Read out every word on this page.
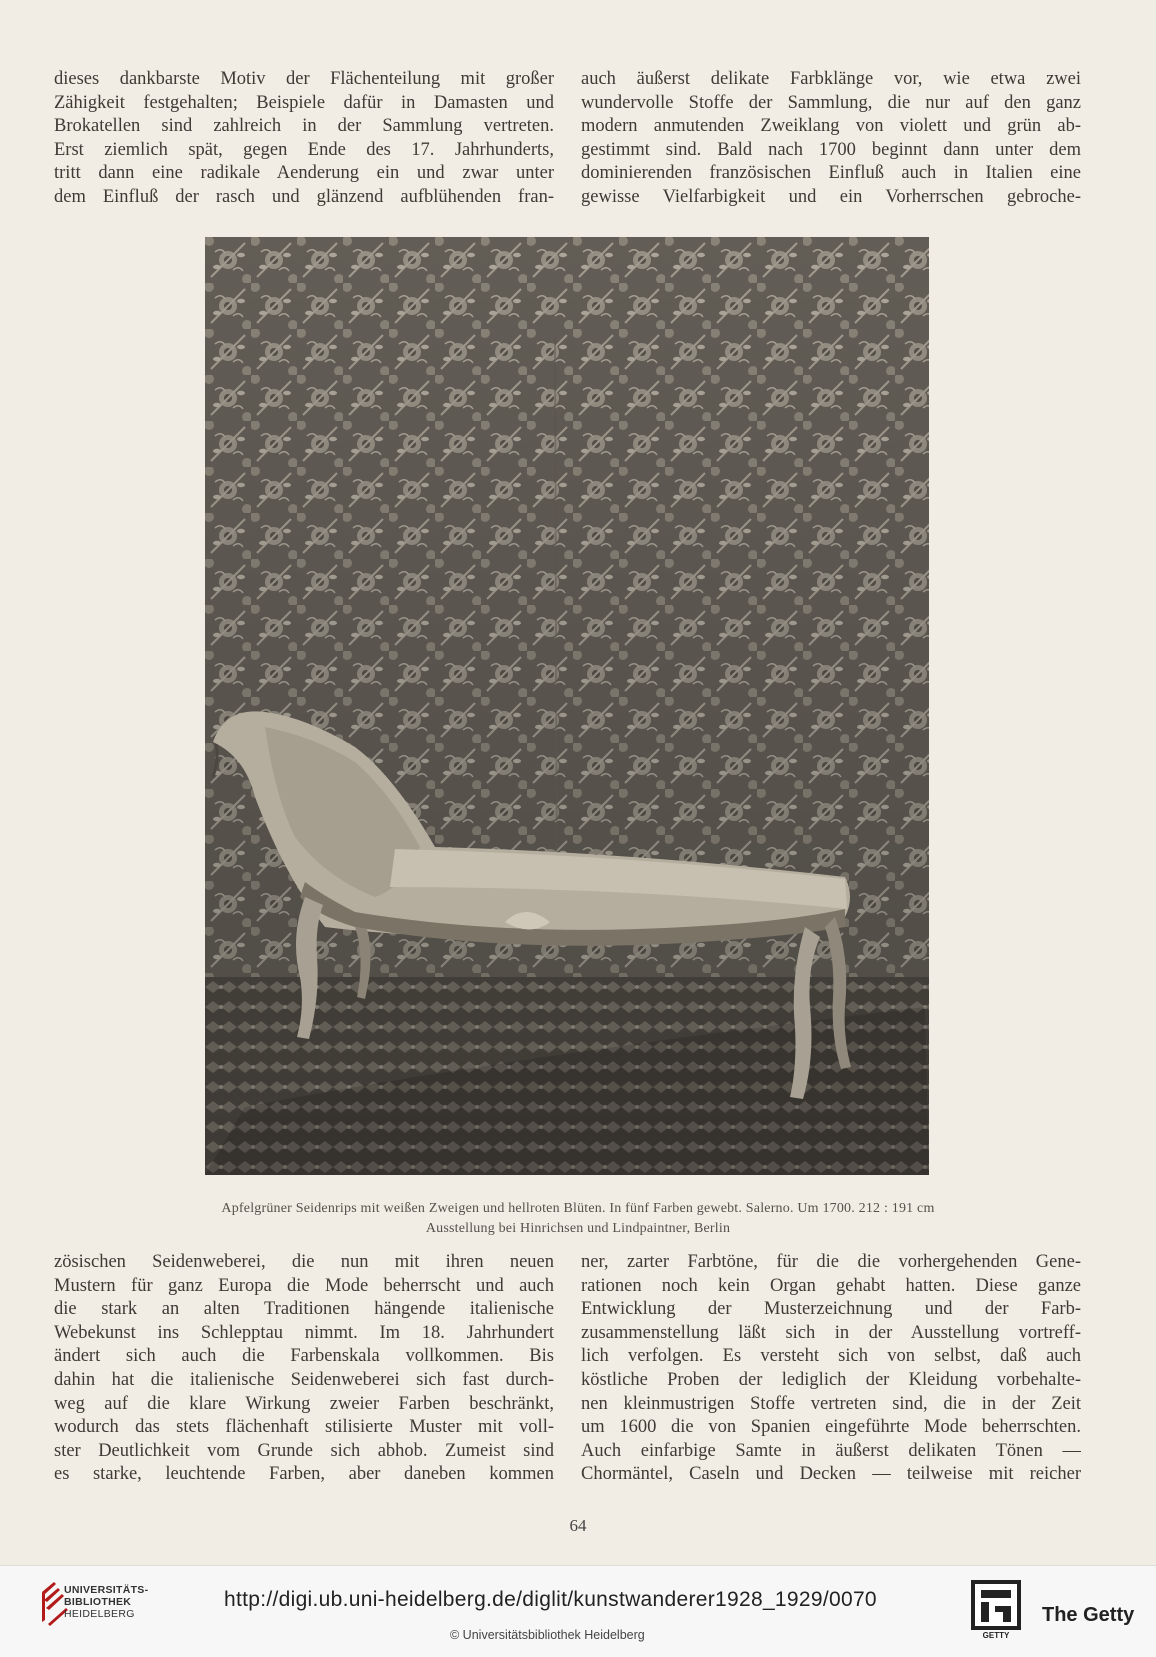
dieses dankbarste Motiv der Flächenteilung mit großer
Zähigkeit festgehalten; Beispiele dafür in Damasten und
Brokatellen sind zahlreich in der Sammlung vertreten.
Erst ziemlich spät, gegen Ende des 17. Jahrhunderts,
tritt dann eine radikale Aenderung ein und zwar unter
dem Einfluß der rasch und glänzend aufblühenden fran-
auch äußerst delikate Farbklänge vor, wie etwa zwei
wundervolle Stoffe der Sammlung, die nur auf den ganz
modern anmutenden Zweiklang von violett und grün ab-
gestimmt sind. Bald nach 1700 beginnt dann unter dem
dominierenden französischen Einfluß auch in Italien eine
gewisse Vielfarbigkeit und ein Vorherrschen gebroche-
Apfelgrüner Seidenrips mit weißen Zweigen und hellroten Blüten. In fünf Farben gewebt. Salerno. Um 1700. 212 : 191 cm
Ausstellung bei Hinrichsen und Lindpaintner, Berlin
zösischen Seidenweberei, die nun mit ihren neuen
Mustern für ganz Europa die Mode beherrscht und auch
die stark an alten Traditionen hängende italienische
Webekunst ins Schlepptau nimmt. Im 18. Jahrhundert
ändert sich auch die Farbenskala vollkommen. Bis
dahin hat die italienische Seidenweberei sich fast durch-
weg auf die klare Wirkung zweier Farben beschränkt,
wodurch das stets flächenhaft stilisierte Muster mit voll-
ster Deutlichkeit vom Grunde sich abhob. Zumeist sind
es starke, leuchtende Farben, aber daneben kommen
ner, zarter Farbtöne, für die die vorhergehenden Gene-
rationen noch kein Organ gehabt hatten. Diese ganze
Entwicklung der Musterzeichnung und der Farb-
zusammenstellung läßt sich in der Ausstellung vortreff-
lich verfolgen. Es versteht sich von selbst, daß auch
köstliche Proben der lediglich der Kleidung vorbehalte-
nen kleinmustrigen Stoffe vertreten sind, die in der Zeit
um 1600 die von Spanien eingeführte Mode beherrschten.
Auch einfarbige Samte in äußerst delikaten Tönen —
Chormäntel, Caseln und Decken — teilweise mit reicher
64
UNIVERSITÄTS-
BIBLIOTHEK
HEIDELBERG
http://digi.ub.uni-heidelberg.de/diglit/kunstwanderer1928_1929/0070
© Universitätsbibliothek Heidelberg	GETTY
The Getty
